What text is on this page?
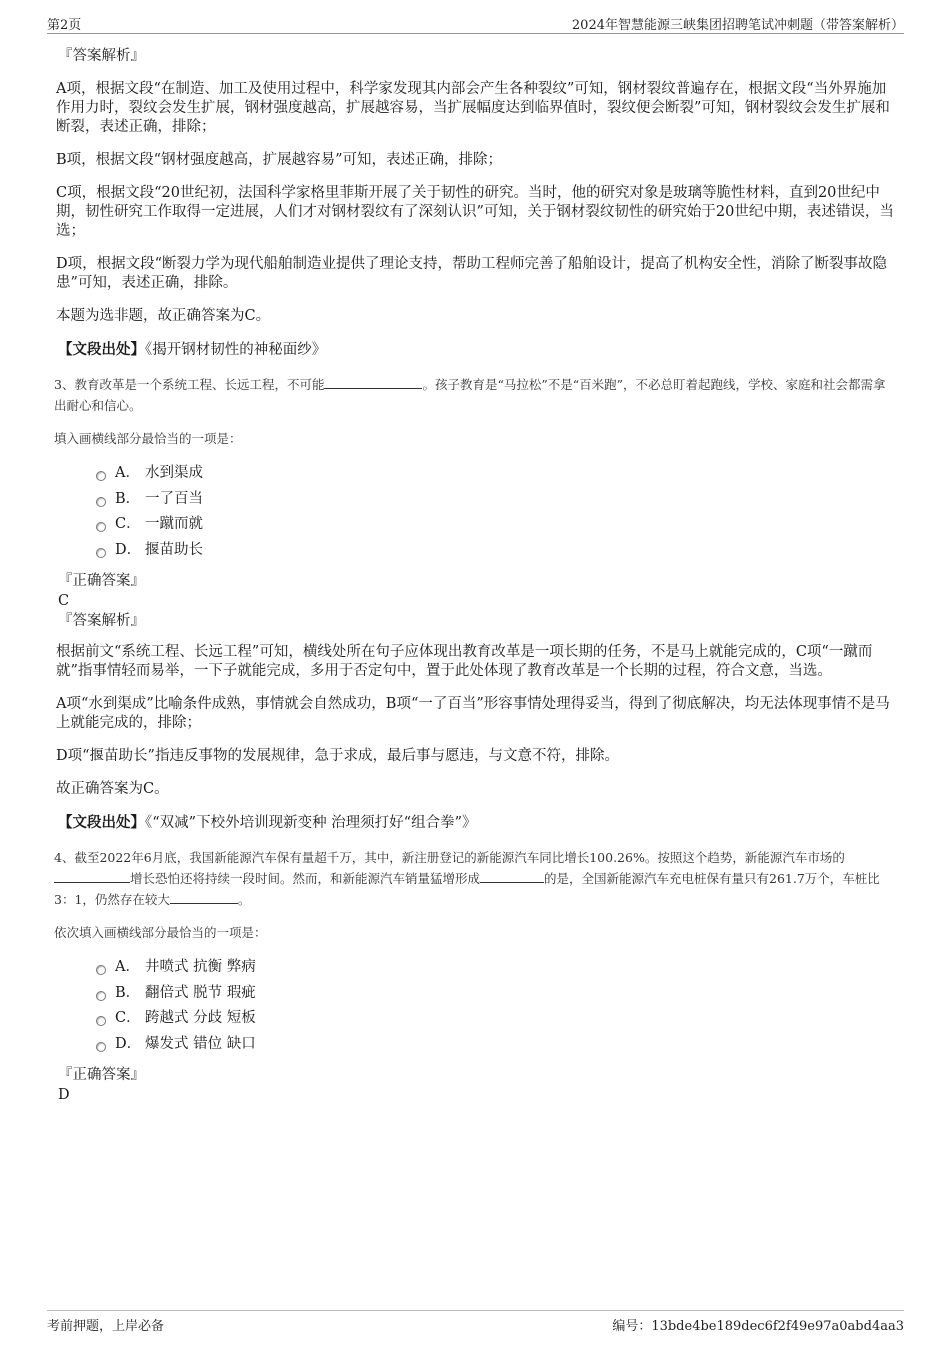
第2页	2024年智慧能源三峡集团招聘笔试冲刺题（带答案解析）
『答案解析』
A项，根据文段“在制造、加工及使用过程中，科学家发现其内部会产生各种裂纹”可知，钢材裂纹普遍存在，根据文段“当外界施加作用力时，裂纹会发生扩展，钢材强度越高，扩展越容易，当扩展幅度达到临界值时，裂纹便会断裂”可知，钢材裂纹会发生扩展和断裂，表述正确，排除；
B项，根据文段“钢材强度越高，扩展越容易”可知，表述正确，排除；
C项，根据文段“20世纪初，法国科学家格里菲斯开展了关于韧性的研究。当时，他的研究对象是玻璃等脆性材料，直到20世纪中期，韧性研究工作取得一定进展，人们才对钢材裂纹有了深刻认识”可知，关于钢材裂纹韧性的研究始于20世纪中期，表述错误，当选；
D项，根据文段“断裂力学为现代船舶制造业提供了理论支持，帮助工程师完善了船舶设计，提高了机构安全性，消除了断裂事故隐患”可知，表述正确，排除。
本题为选非题，故正确答案为C。
【文段出处】《揭开钢材韧性的神秘面纱》
3、教育改革是一个系统工程、长远工程，不可能	。孩子教育是“马拉松”不是“百米跑”，不必总盯着起跑线，学校、家庭和社会都需拿出耐心和信心。
填入画横线部分最恰当的一项是：
A． 水到渠成
B． 一了百当
C． 一蹴而就
D． 揠苗助长
『正确答案』
C
『答案解析』
根据前文“系统工程、长远工程”可知，横线处所在句子应体现出教育改革是一项长期的任务，不是马上就能完成的，C项“一蹴而就”指事情轻而易举，一下子就能完成，多用于否定句中，置于此处体现了教育改革是一个长期的过程，符合文意，当选。
A项“水到渠成”比喻条件成熟，事情就会自然成功，B项“一了百当”形容事情处理得妥当，得到了彻底解决，均无法体现事情不是马上就能完成的，排除；
D项“揠苗助长”指违反事物的发展规律，急于求成，最后事与愿违，与文意不符，排除。
故正确答案为C。
【文段出处】《“双减”下校外培训现新变种 治理须打好“组合拳”》
4、截至2022年6月底，我国新能源汽车保有量超千万，其中，新注册登记的新能源汽车同比增长100.26%。按照这个趋势，新能源汽车市场的增长恐怕还将持续一段时间。然而，和新能源汽车销量猛增形成	的是，全国新能源汽车充电桩保有量只有261.7万个，车桩比3：1，仍然存在较大	。
依次填入画横线部分最恰当的一项是：
A． 井喷式 抗衡 弊病
B． 翻倍式 脱节 瑕疵
C． 跨越式 分歧 短板
D． 爆发式 错位 缺口
『正确答案』
D
考前押题，上岸必备	编号：13bde4be189dec6f2f49e97a0abd4aa3
